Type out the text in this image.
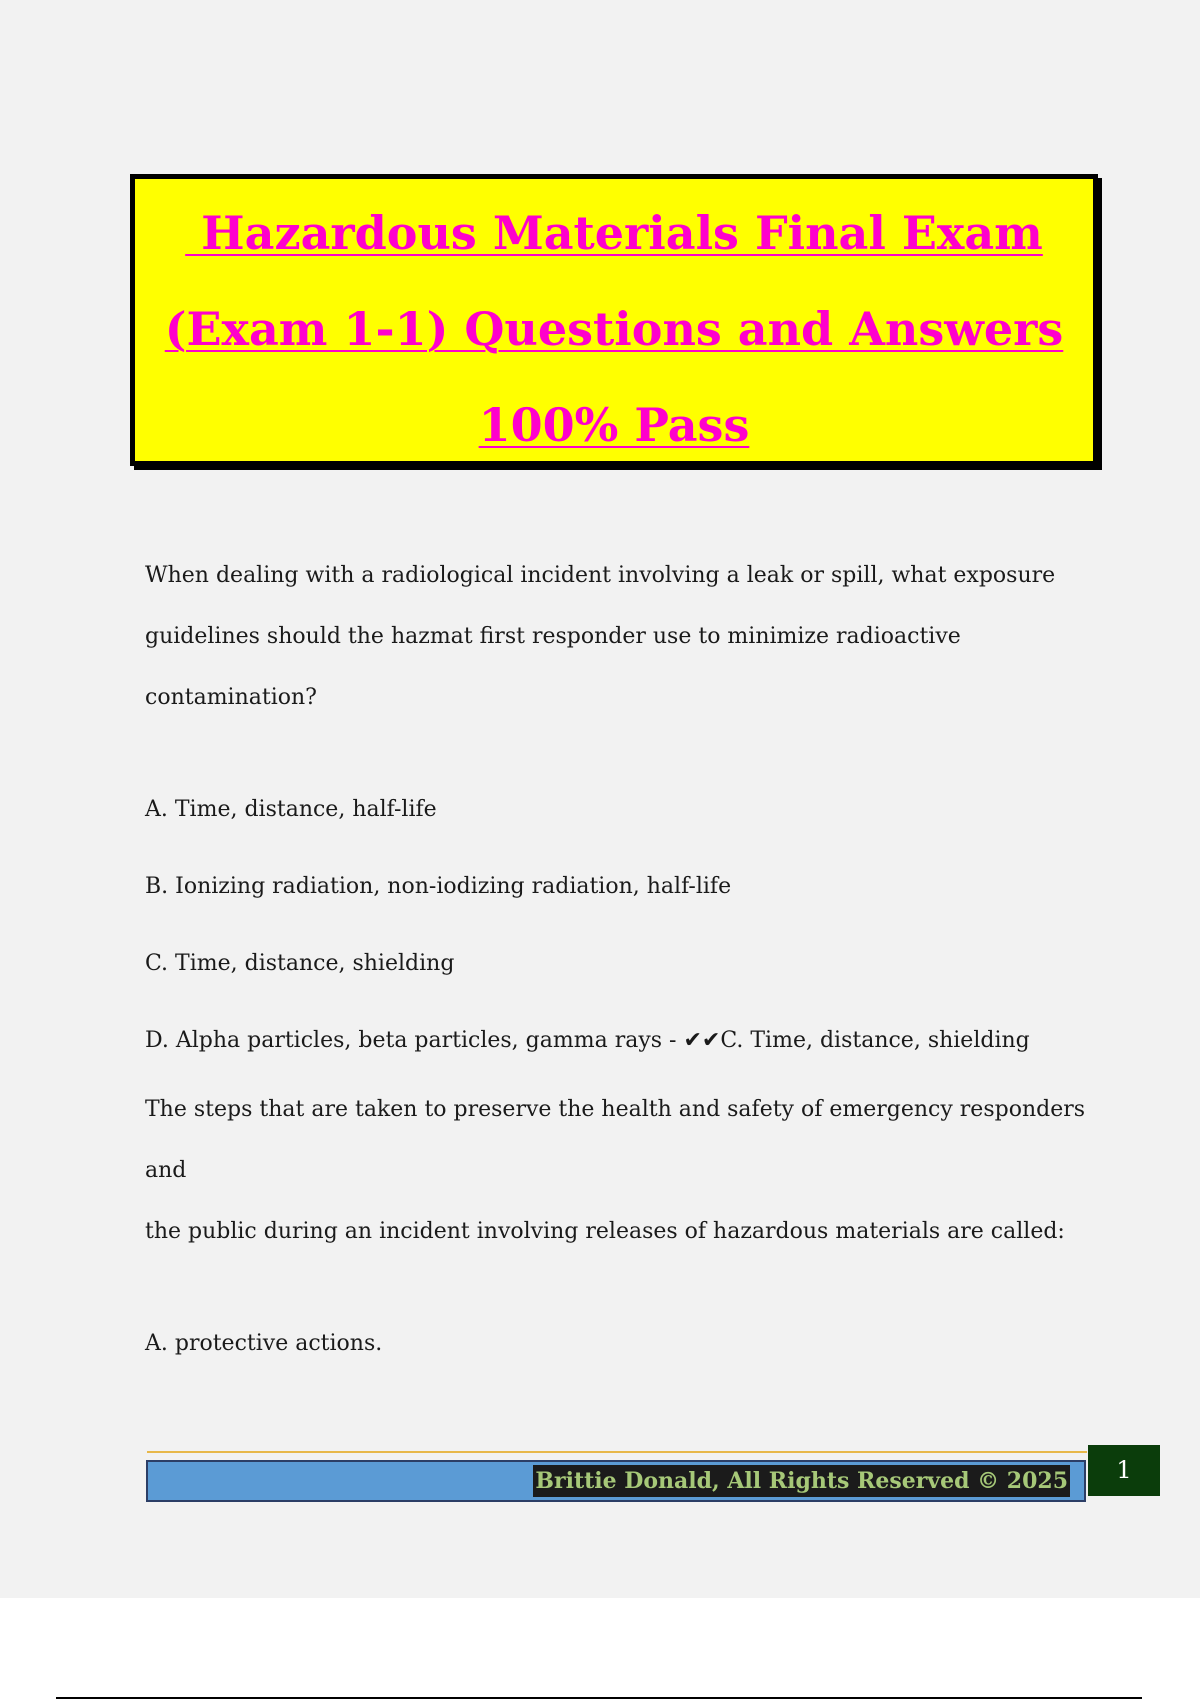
Hazardous Materials Final Exam
(Exam 1-1) Questions and Answers
100% Pass

When dealing with a radiological incident involving a leak or spill, what exposure

guidelines should the hazmat first responder use to minimize radioactive

contamination?

A. Time, distance, half-life

B. Ionizing radiation, non-iodizing radiation, half-life

C. Time, distance, shielding

D. Alpha particles, beta particles, gamma rays - ✔✔C. Time, distance, shielding

The steps that are taken to preserve the health and safety of emergency responders and

the public during an incident involving releases of hazardous materials are called:

A. protective actions.

Brittie Donald, All Rights Reserved © 2025	1
